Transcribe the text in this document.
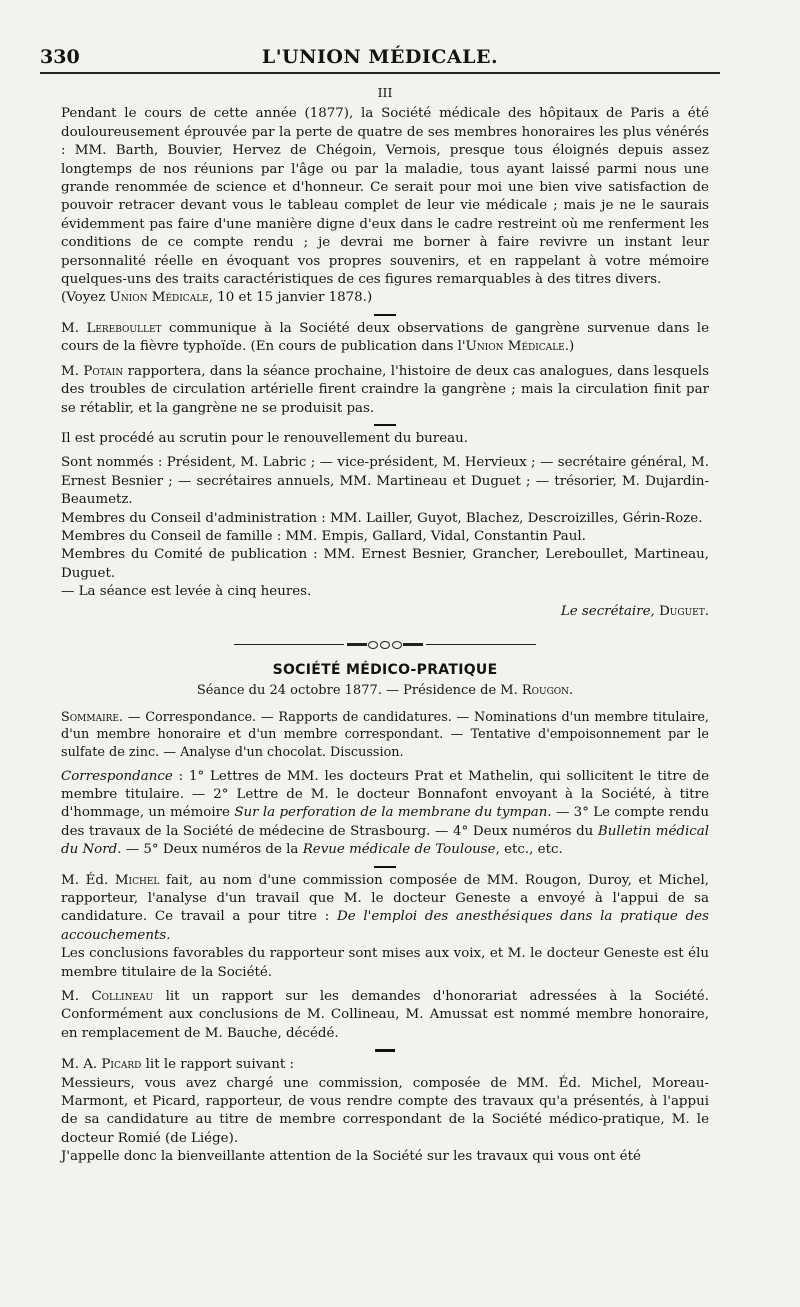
330	L'UNION MÉDICALE.
III

Pendant le cours de cette année (1877), la Société médicale des hôpitaux de Paris a été douloureusement éprouvée par la perte de quatre de ses membres honoraires les plus vénérés : MM. Barth, Bouvier, Hervez de Chégoin, Vernois, presque tous éloignés depuis assez longtemps de nos réunions par l'âge ou par la maladie, tous ayant laissé parmi nous une grande renommée de science et d'honneur. Ce serait pour moi une bien vive satisfaction de pouvoir retracer devant vous le tableau complet de leur vie médicale ; mais je ne le saurais évidemment pas faire d'une manière digne d'eux dans le cadre restreint où me renferment les conditions de ce compte rendu ; je devrai me borner à faire revivre un instant leur personnalité réelle en évoquant vos propres souvenirs, et en rappelant à votre mémoire quelques-uns des traits caractéristiques de ces figures remarquables à des titres divers.

(Voyez Union Médicale, 10 et 15 janvier 1878.)

M. Lereboullet communique à la Société deux observations de gangrène survenue dans le cours de la fièvre typhoïde. (En cours de publication dans l'Union Médicale.)

M. Potain rapportera, dans la séance prochaine, l'histoire de deux cas analogues, dans lesquels des troubles de circulation artérielle firent craindre la gangrène ; mais la circulation finit par se rétablir, et la gangrène ne se produisit pas.

Il est procédé au scrutin pour le renouvellement du bureau.

Sont nommés : Président, M. Labric ; — vice-président, M. Hervieux ; — secrétaire général, M. Ernest Besnier ; — secrétaires annuels, MM. Martineau et Duguet ; — trésorier, M. Dujardin-Beaumetz.

Membres du Conseil d'administration : MM. Lailler, Guyot, Blachez, Descroizilles, Gérin-Roze.

Membres du Conseil de famille : MM. Empis, Gallard, Vidal, Constantin Paul.

Membres du Comité de publication : MM. Ernest Besnier, Grancher, Lereboullet, Martineau, Duguet.

— La séance est levée à cinq heures.

Le secrétaire, Duguet.
SOCIÉTÉ MÉDICO-PRATIQUE
Séance du 24 octobre 1877. — Présidence de M. Rougon.

Sommaire. — Correspondance. — Rapports de candidatures. — Nominations d'un membre titulaire, d'un membre honoraire et d'un membre correspondant. — Tentative d'empoisonnement par le sulfate de zinc. — Analyse d'un chocolat. Discussion.

Correspondance : 1° Lettres de MM. les docteurs Prat et Mathelin, qui sollicitent le titre de membre titulaire. — 2° Lettre de M. le docteur Bonnafont envoyant à la Société, à titre d'hommage, un mémoire Sur la perforation de la membrane du tympan. — 3° Le compte rendu des travaux de la Société de médecine de Strasbourg. — 4° Deux numéros du Bulletin médical du Nord. — 5° Deux numéros de la Revue médicale de Toulouse, etc., etc.

M. Éd. Michel fait, au nom d'une commission composée de MM. Rougon, Duroy, et Michel, rapporteur, l'analyse d'un travail que M. le docteur Geneste a envoyé à l'appui de sa candidature. Ce travail a pour titre : De l'emploi des anesthésiques dans la pratique des accouchements.

Les conclusions favorables du rapporteur sont mises aux voix, et M. le docteur Geneste est élu membre titulaire de la Société.

M. Collineau lit un rapport sur les demandes d'honorariat adressées à la Société. Conformément aux conclusions de M. Collineau, M. Amussat est nommé membre honoraire, en remplacement de M. Bauche, décédé.

M. A. Picard lit le rapport suivant :

Messieurs, vous avez chargé une commission, composée de MM. Éd. Michel, Moreau-Marmont, et Picard, rapporteur, de vous rendre compte des travaux qu'a présentés, à l'appui de sa candidature au titre de membre correspondant de la Société médico-pratique, M. le docteur Romié (de Liége).

J'appelle donc la bienveillante attention de la Société sur les travaux qui vous ont été
